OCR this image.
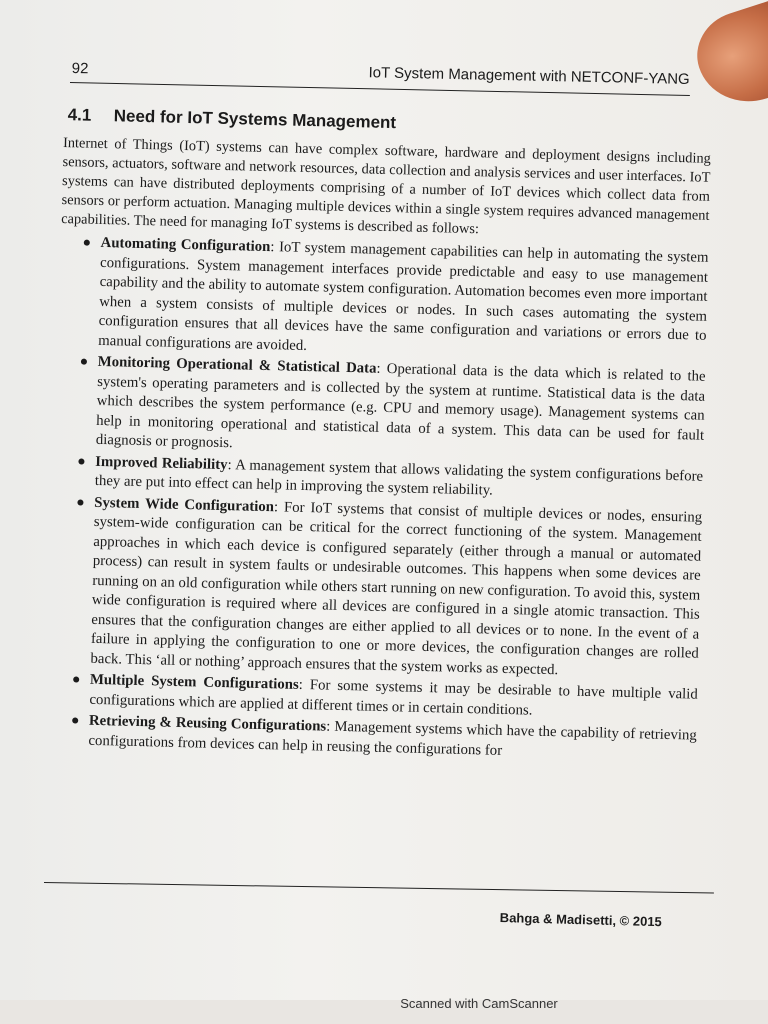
92	IoT System Management with NETCONF-YANG
4.1 Need for IoT Systems Management

Internet of Things (IoT) systems can have complex software, hardware and deployment designs including sensors, actuators, software and network resources, data collection and analysis services and user interfaces. IoT systems can have distributed deployments comprising of a number of IoT devices which collect data from sensors or perform actuation. Managing multiple devices within a single system requires advanced management capabilities. The need for managing IoT systems is described as follows:

● Automating Configuration: IoT system management capabilities can help in automating the system configurations. System management interfaces provide predictable and easy to use management capability and the ability to automate system configuration. Automation becomes even more important when a system consists of multiple devices or nodes. In such cases automating the system configuration ensures that all devices have the same configuration and variations or errors due to manual configurations are avoided.
● Monitoring Operational & Statistical Data: Operational data is the data which is related to the system's operating parameters and is collected by the system at runtime. Statistical data is the data which describes the system performance (e.g. CPU and memory usage). Management systems can help in monitoring operational and statistical data of a system. This data can be used for fault diagnosis or prognosis.
● Improved Reliability: A management system that allows validating the system configurations before they are put into effect can help in improving the system reliability.
● System Wide Configuration: For IoT systems that consist of multiple devices or nodes, ensuring system-wide configuration can be critical for the correct functioning of the system. Management approaches in which each device is configured separately (either through a manual or automated process) can result in system faults or undesirable outcomes. This happens when some devices are running on an old configuration while others start running on new configuration. To avoid this, system wide configuration is required where all devices are configured in a single atomic transaction. This ensures that the configuration changes are either applied to all devices or to none. In the event of a failure in applying the configuration to one or more devices, the configuration changes are rolled back. This ‘all or nothing’ approach ensures that the system works as expected.
● Multiple System Configurations: For some systems it may be desirable to have multiple valid configurations which are applied at different times or in certain conditions.
● Retrieving & Reusing Configurations: Management systems which have the capability of retrieving configurations from devices can help in reusing the configurations for
Bahga & Madisetti, © 2015
Scanned with CamScanner
